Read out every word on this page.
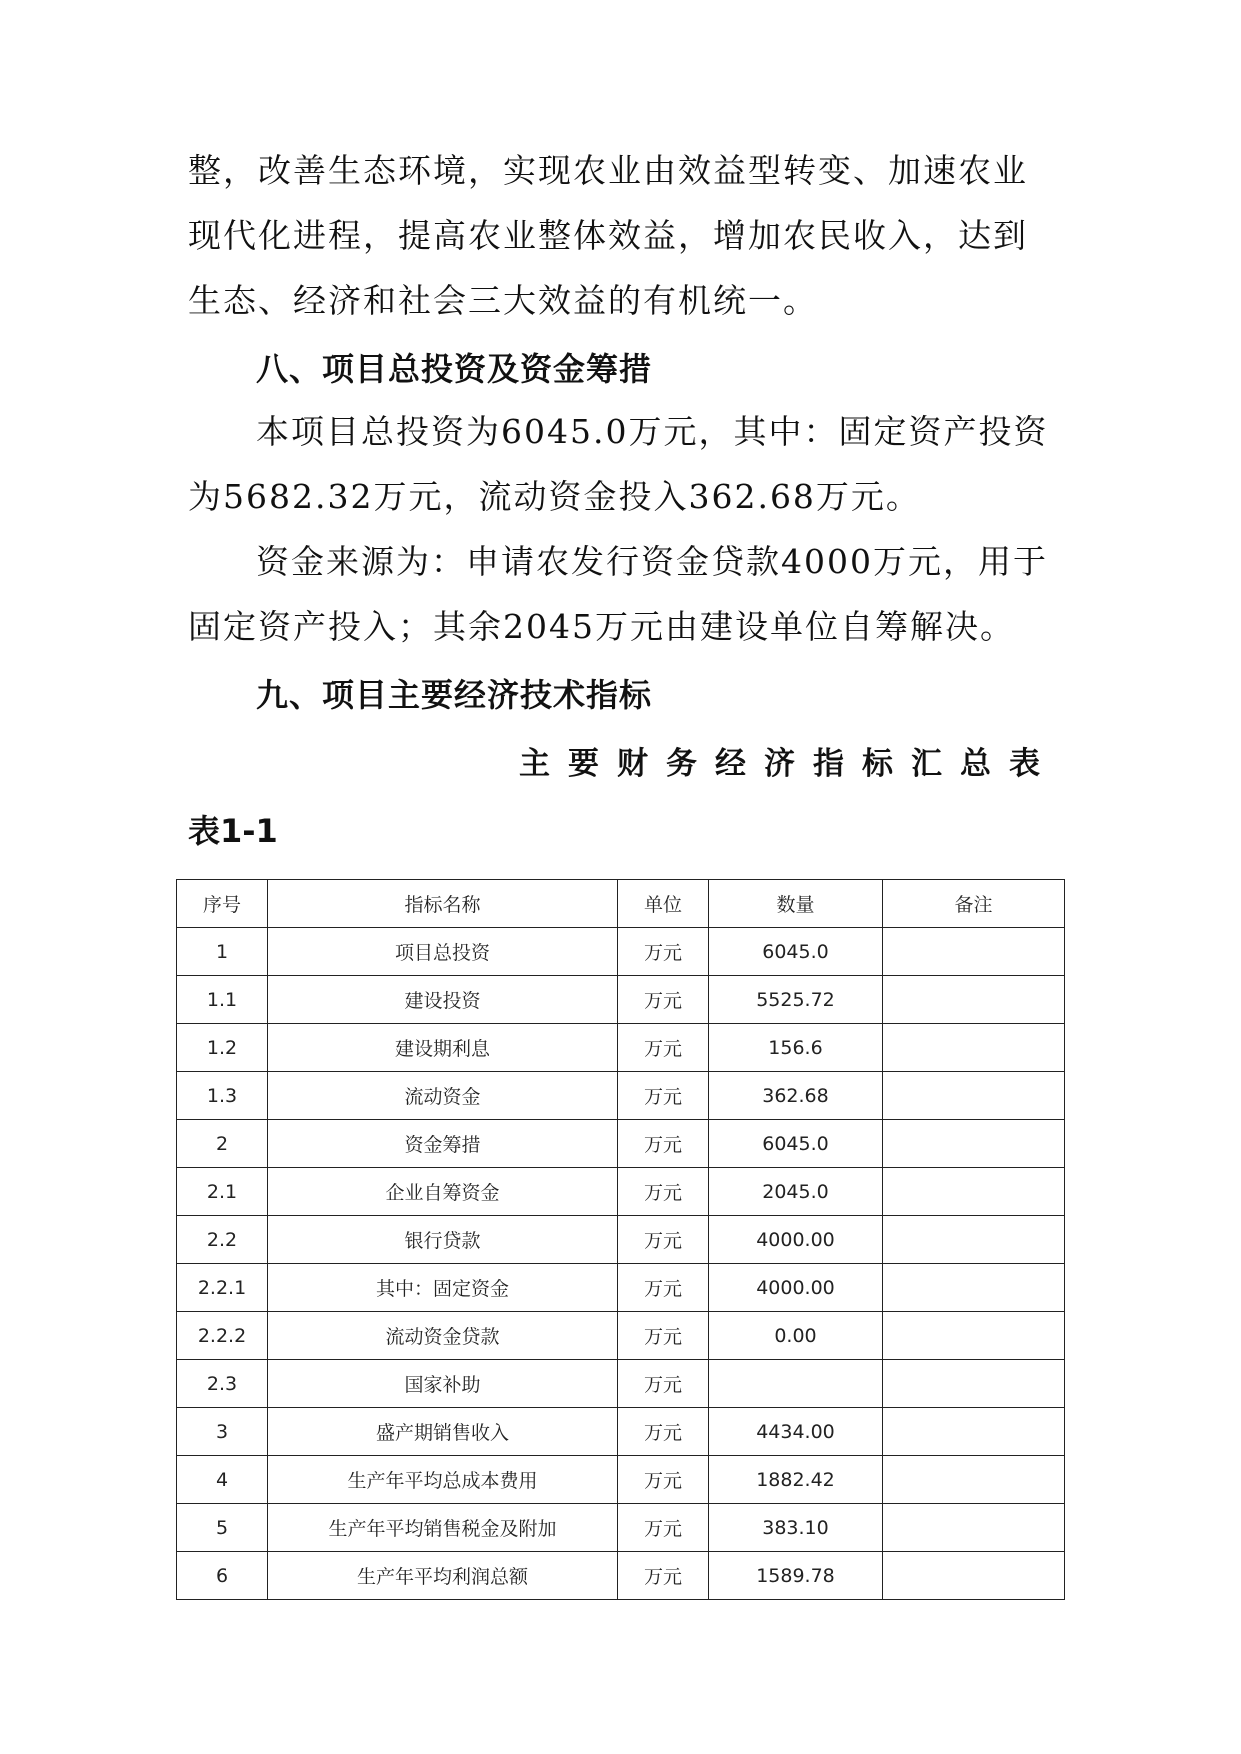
整，改善生态环境，实现农业由效益型转变、加速农业现代化进程，提高农业整体效益，增加农民收入，达到生态、经济和社会三大效益的有机统一。

八、项目总投资及资金筹措

本项目总投资为6045.0万元，其中：固定资产投资为5682.32万元，流动资金投入362.68万元。

资金来源为：申请农发行资金贷款4000万元，用于固定资产投入；其余2045万元由建设单位自筹解决。

九、项目主要经济技术指标

主要财务经济指标汇总表

表1-1

序号	指标名称	单位	数量	备注
1	项目总投资	万元	6045.0	
1.1	建设投资	万元	5525.72	
1.2	建设期利息	万元	156.6	
1.3	流动资金	万元	362.68	
2	资金筹措	万元	6045.0	
2.1	企业自筹资金	万元	2045.0	
2.2	银行贷款	万元	4000.00	
2.2.1	其中：固定资金	万元	4000.00	
2.2.2	流动资金贷款	万元	0.00	
2.3	国家补助	万元		
3	盛产期销售收入	万元	4434.00	
4	生产年平均总成本费用	万元	1882.42	
5	生产年平均销售税金及附加	万元	383.10	
6	生产年平均利润总额	万元	1589.78	
